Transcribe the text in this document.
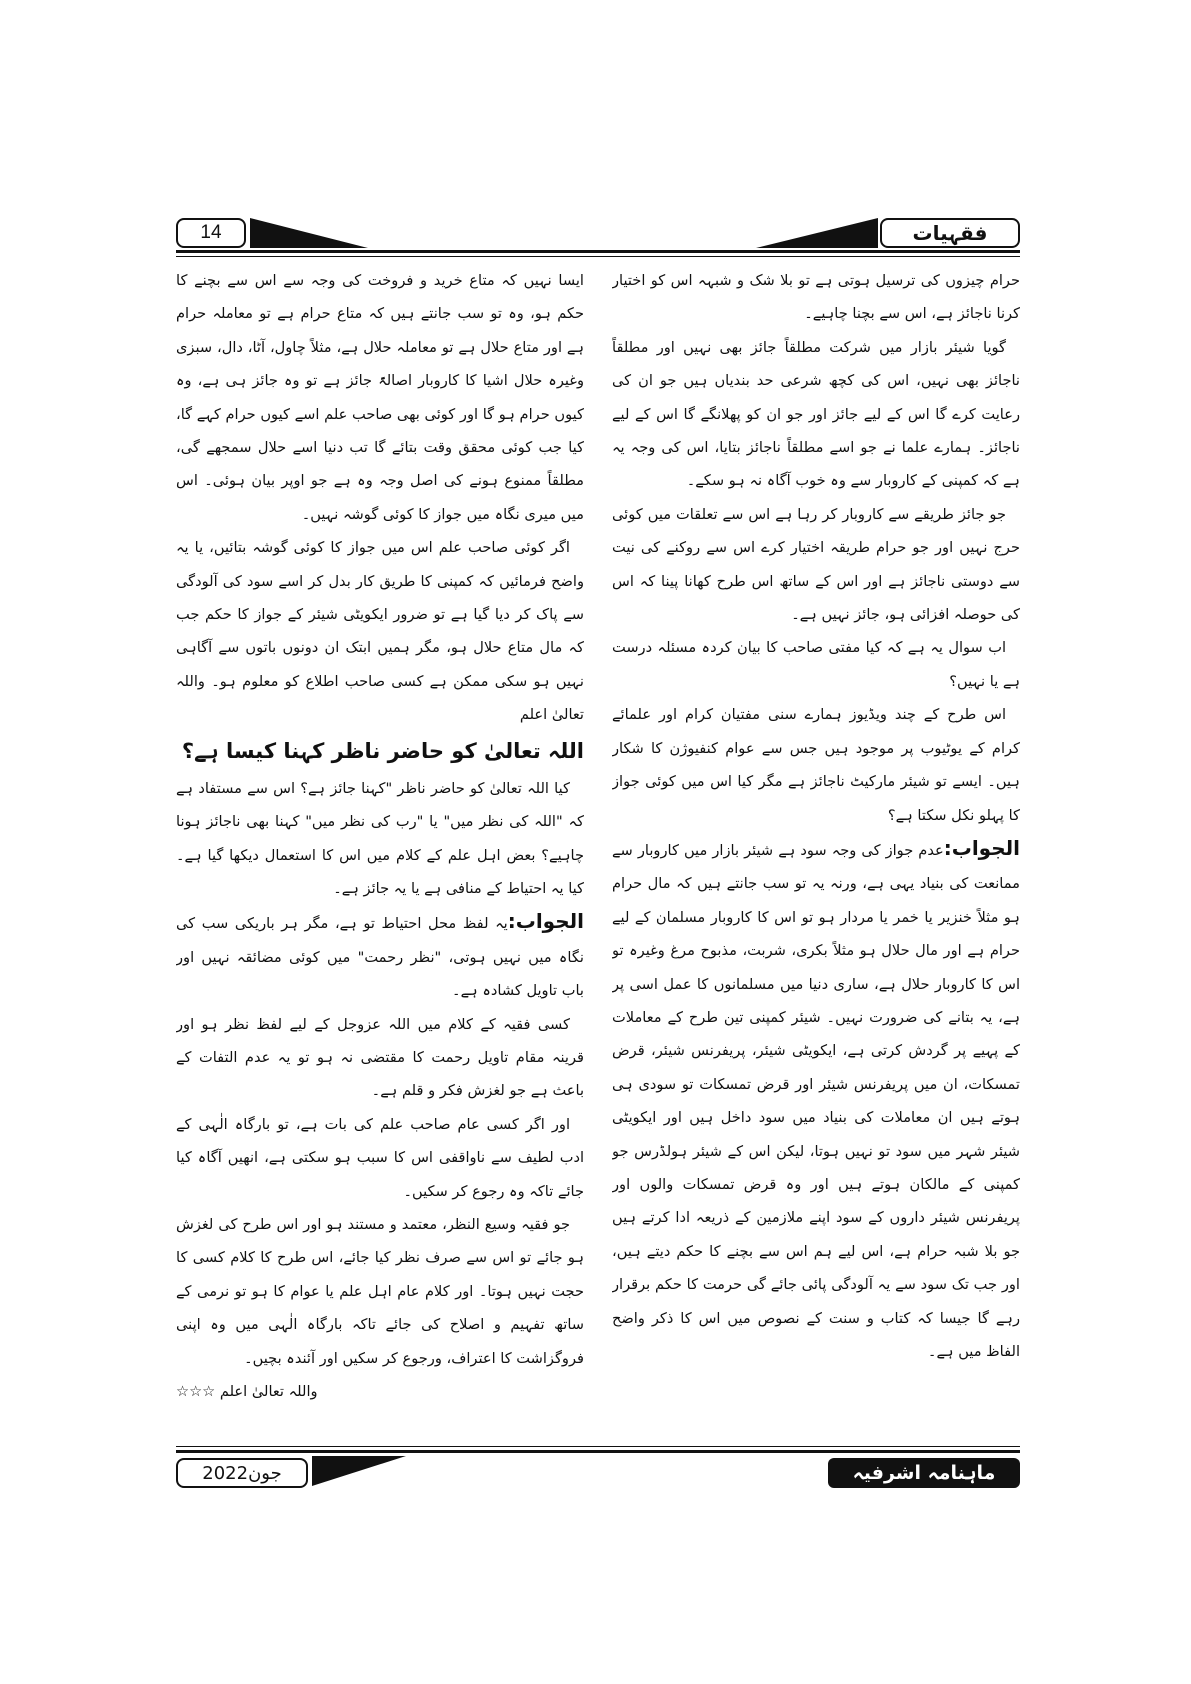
14	فقہیات

حرام چیزوں کی ترسیل ہوتی ہے تو بلا شک و شبہہ اس کو اختیار کرنا ناجائز ہے، اس سے بچنا چاہیے۔

گویا شیئر بازار میں شرکت مطلقاً جائز بھی نہیں اور مطلقاً ناجائز بھی نہیں، اس کی کچھ شرعی حد بندیاں ہیں جو ان کی رعایت کرے گا اس کے لیے جائز اور جو ان کو پھلانگے گا اس کے لیے ناجائز۔ ہمارے علما نے جو اسے مطلقاً ناجائز بتایا، اس کی وجہ یہ ہے کہ کمپنی کے کاروبار سے وہ خوب آگاہ نہ ہو سکے۔

جو جائز طریقے سے کاروبار کر رہا ہے اس سے تعلقات میں کوئی حرج نہیں اور جو حرام طریقہ اختیار کرے اس سے روکنے کی نیت سے دوستی ناجائز ہے اور اس کے ساتھ اس طرح کھانا پینا کہ اس کی حوصلہ افزائی ہو، جائز نہیں ہے۔

اب سوال یہ ہے کہ کیا مفتی صاحب کا بیان کردہ مسئلہ درست ہے یا نہیں؟

اس طرح کے چند ویڈیوز ہمارے سنی مفتیان کرام اور علمائے کرام کے یوٹیوب پر موجود ہیں جس سے عوام کنفیوژن کا شکار ہیں۔ ایسے تو شیئر مارکیٹ ناجائز ہے مگر کیا اس میں کوئی جواز کا پہلو نکل سکتا ہے؟

الجواب:عدم جواز کی وجہ سود ہے شیئر بازار میں کاروبار سے ممانعت کی بنیاد یہی ہے، ورنہ یہ تو سب جانتے ہیں کہ مال حرام ہو مثلاً خنزیر یا خمر یا مردار ہو تو اس کا کاروبار مسلمان کے لیے حرام ہے اور مال حلال ہو مثلاً بکری، شربت، مذبوح مرغ وغیرہ تو اس کا کاروبار حلال ہے، ساری دنیا میں مسلمانوں کا عمل اسی پر ہے، یہ بتانے کی ضرورت نہیں۔ شیئر کمپنی تین طرح کے معاملات کے پہیے پر گردش کرتی ہے، ایکویٹی شیئر، پریفرنس شیئر، قرض تمسکات، ان میں پریفرنس شیئر اور قرض تمسکات تو سودی ہی ہوتے ہیں ان معاملات کی بنیاد میں سود داخل ہیں اور ایکویٹی شیئر شہر میں سود تو نہیں ہوتا، لیکن اس کے شیئر ہولڈرس جو کمپنی کے مالکان ہوتے ہیں اور وہ قرض تمسکات والوں اور پریفرنس شیئر داروں کے سود اپنے ملازمین کے ذریعہ ادا کرتے ہیں جو بلا شبہ حرام ہے، اس لیے ہم اس سے بچنے کا حکم دیتے ہیں، اور جب تک سود سے یہ آلودگی پائی جائے گی حرمت کا حکم برقرار رہے گا جیسا کہ کتاب و سنت کے نصوص میں اس کا ذکر واضح الفاظ میں ہے۔

ایسا نہیں کہ متاع خرید و فروخت کی وجہ سے اس سے بچنے کا حکم ہو، وہ تو سب جانتے ہیں کہ متاع حرام ہے تو معاملہ حرام ہے اور متاع حلال ہے تو معاملہ حلال ہے، مثلاً چاول، آٹا، دال، سبزی وغیرہ حلال اشیا کا کاروبار اصالۃً جائز ہے تو وہ جائز ہی ہے، وہ کیوں حرام ہو گا اور کوئی بھی صاحب علم اسے کیوں حرام کہے گا، کیا جب کوئی محقق وقت بتائے گا تب دنیا اسے حلال سمجھے گی، مطلقاً ممنوع ہونے کی اصل وجہ وہ ہے جو اوپر بیان ہوئی۔ اس میں میری نگاہ میں جواز کا کوئی گوشہ نہیں۔

اگر کوئی صاحب علم اس میں جواز کا کوئی گوشہ بتائیں، یا یہ واضح فرمائیں کہ کمپنی کا طریق کار بدل کر اسے سود کی آلودگی سے پاک کر دیا گیا ہے تو ضرور ایکویٹی شیئر کے جواز کا حکم جب کہ مال متاع حلال ہو، مگر ہمیں ابتک ان دونوں باتوں سے آگاہی نہیں ہو سکی ممکن ہے کسی صاحب اطلاع کو معلوم ہو۔ واللہ تعالیٰ اعلم

اللہ تعالیٰ کو حاضر ناظر کہنا کیسا ہے؟

کیا اللہ تعالیٰ کو حاضر ناظر "کہنا جائز ہے؟ اس سے مستفاد ہے کہ "اللہ کی نظر میں" یا "رب کی نظر میں" کہنا بھی ناجائز ہونا چاہیے؟ بعض اہل علم کے کلام میں اس کا استعمال دیکھا گیا ہے۔ کیا یہ احتیاط کے منافی ہے یا یہ جائز ہے۔

الجواب:یہ لفظ محل احتیاط تو ہے، مگر ہر باریکی سب کی نگاہ میں نہیں ہوتی، "نظر رحمت" میں کوئی مضائقہ نہیں اور باب تاویل کشادہ ہے۔

کسی فقیہ کے کلام میں اللہ عزوجل کے لیے لفظ نظر ہو اور قرینہ مقام تاویل رحمت کا مقتضی نہ ہو تو یہ عدم التفات کے باعث ہے جو لغزش فکر و قلم ہے۔

اور اگر کسی عام صاحب علم کی بات ہے، تو بارگاہ الٰہی کے ادب لطیف سے ناواقفی اس کا سبب ہو سکتی ہے، انھیں آگاہ کیا جائے تاکہ وہ رجوع کر سکیں۔

جو فقیہ وسیع النظر، معتمد و مستند ہو اور اس طرح کی لغزش ہو جائے تو اس سے صرف نظر کیا جائے، اس طرح کا کلام کسی کا حجت نہیں ہوتا۔ اور کلام عام اہل علم یا عوام کا ہو تو نرمی کے ساتھ تفہیم و اصلاح کی جائے تاکہ بارگاہ الٰہی میں وہ اپنی فروگزاشت کا اعتراف، ورجوع کر سکیں اور آئندہ بچیں۔

واللہ تعالیٰ اعلم ☆☆☆

جون2022	ماہنامہ اشرفیہ
